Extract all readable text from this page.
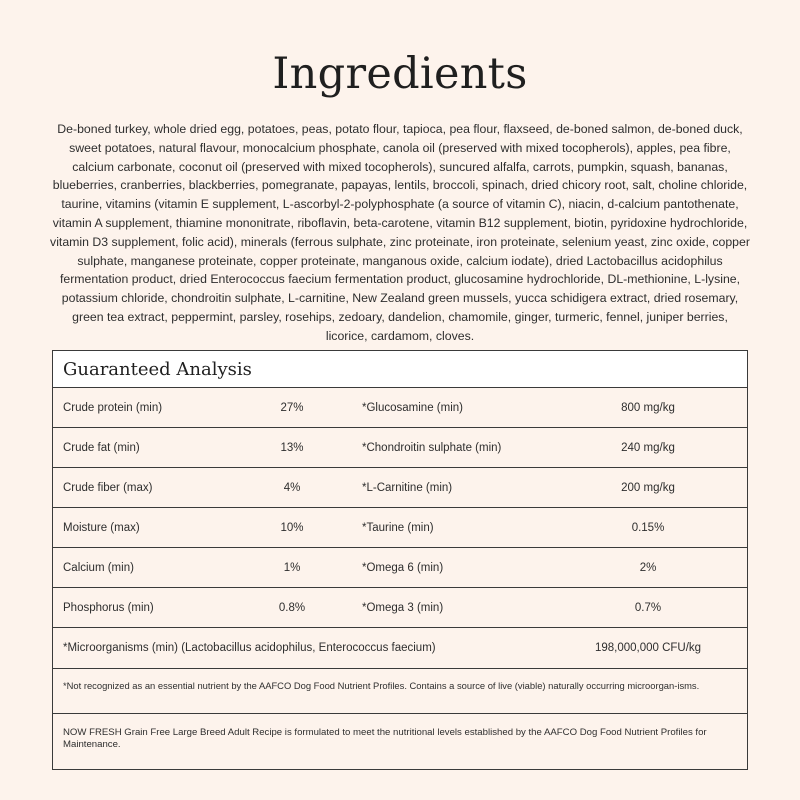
Ingredients
De-boned turkey, whole dried egg, potatoes, peas, potato flour, tapioca, pea flour, flaxseed, de-boned salmon, de-boned duck, sweet potatoes, natural flavour, monocalcium phosphate, canola oil (preserved with mixed tocopherols), apples, pea fibre, calcium carbonate, coconut oil (preserved with mixed tocopherols), suncured alfalfa, carrots, pumpkin, squash, bananas, blueberries, cranberries, blackberries, pomegranate, papayas, lentils, broccoli, spinach, dried chicory root, salt, choline chloride, taurine, vitamins (vitamin E supplement, L-ascorbyl-2-polyphosphate (a source of vitamin C), niacin, d-calcium pantothenate, vitamin A supplement, thiamine mononitrate, riboflavin, beta-carotene, vitamin B12 supplement, biotin, pyridoxine hydrochloride, vitamin D3 supplement, folic acid), minerals (ferrous sulphate, zinc proteinate, iron proteinate, selenium yeast, zinc oxide, copper sulphate, manganese proteinate, copper proteinate, manganous oxide, calcium iodate), dried Lactobacillus acidophilus fermentation product, dried Enterococcus faecium fermentation product, glucosamine hydrochloride, DL-methionine, L-lysine, potassium chloride, chondroitin sulphate, L-carnitine, New Zealand green mussels, yucca schidigera extract, dried rosemary, green tea extract, peppermint, parsley, rosehips, zedoary, dandelion, chamomile, ginger, turmeric, fennel, juniper berries, licorice, cardamom, cloves.
Guaranteed Analysis
Crude protein (min)	27%	*Glucosamine (min)	800 mg/kg
Crude fat (min)	13%	*Chondroitin sulphate (min)	240 mg/kg
Crude fiber (max)	4%	*L-Carnitine (min)	200 mg/kg
Moisture (max)	10%	*Taurine (min)	0.15%
Calcium (min)	1%	*Omega 6 (min)	2%
Phosphorus (min)	0.8%	*Omega 3 (min)	0.7%
*Microorganisms (min) (Lactobacillus acidophilus, Enterococcus faecium)	198,000,000 CFU/kg
*Not recognized as an essential nutrient by the AAFCO Dog Food Nutrient Profiles. Contains a source of live (viable) naturally occurring microorgan-isms.
NOW FRESH Grain Free Large Breed Adult Recipe is formulated to meet the nutritional levels established by the AAFCO Dog Food Nutrient Profiles for Maintenance.
